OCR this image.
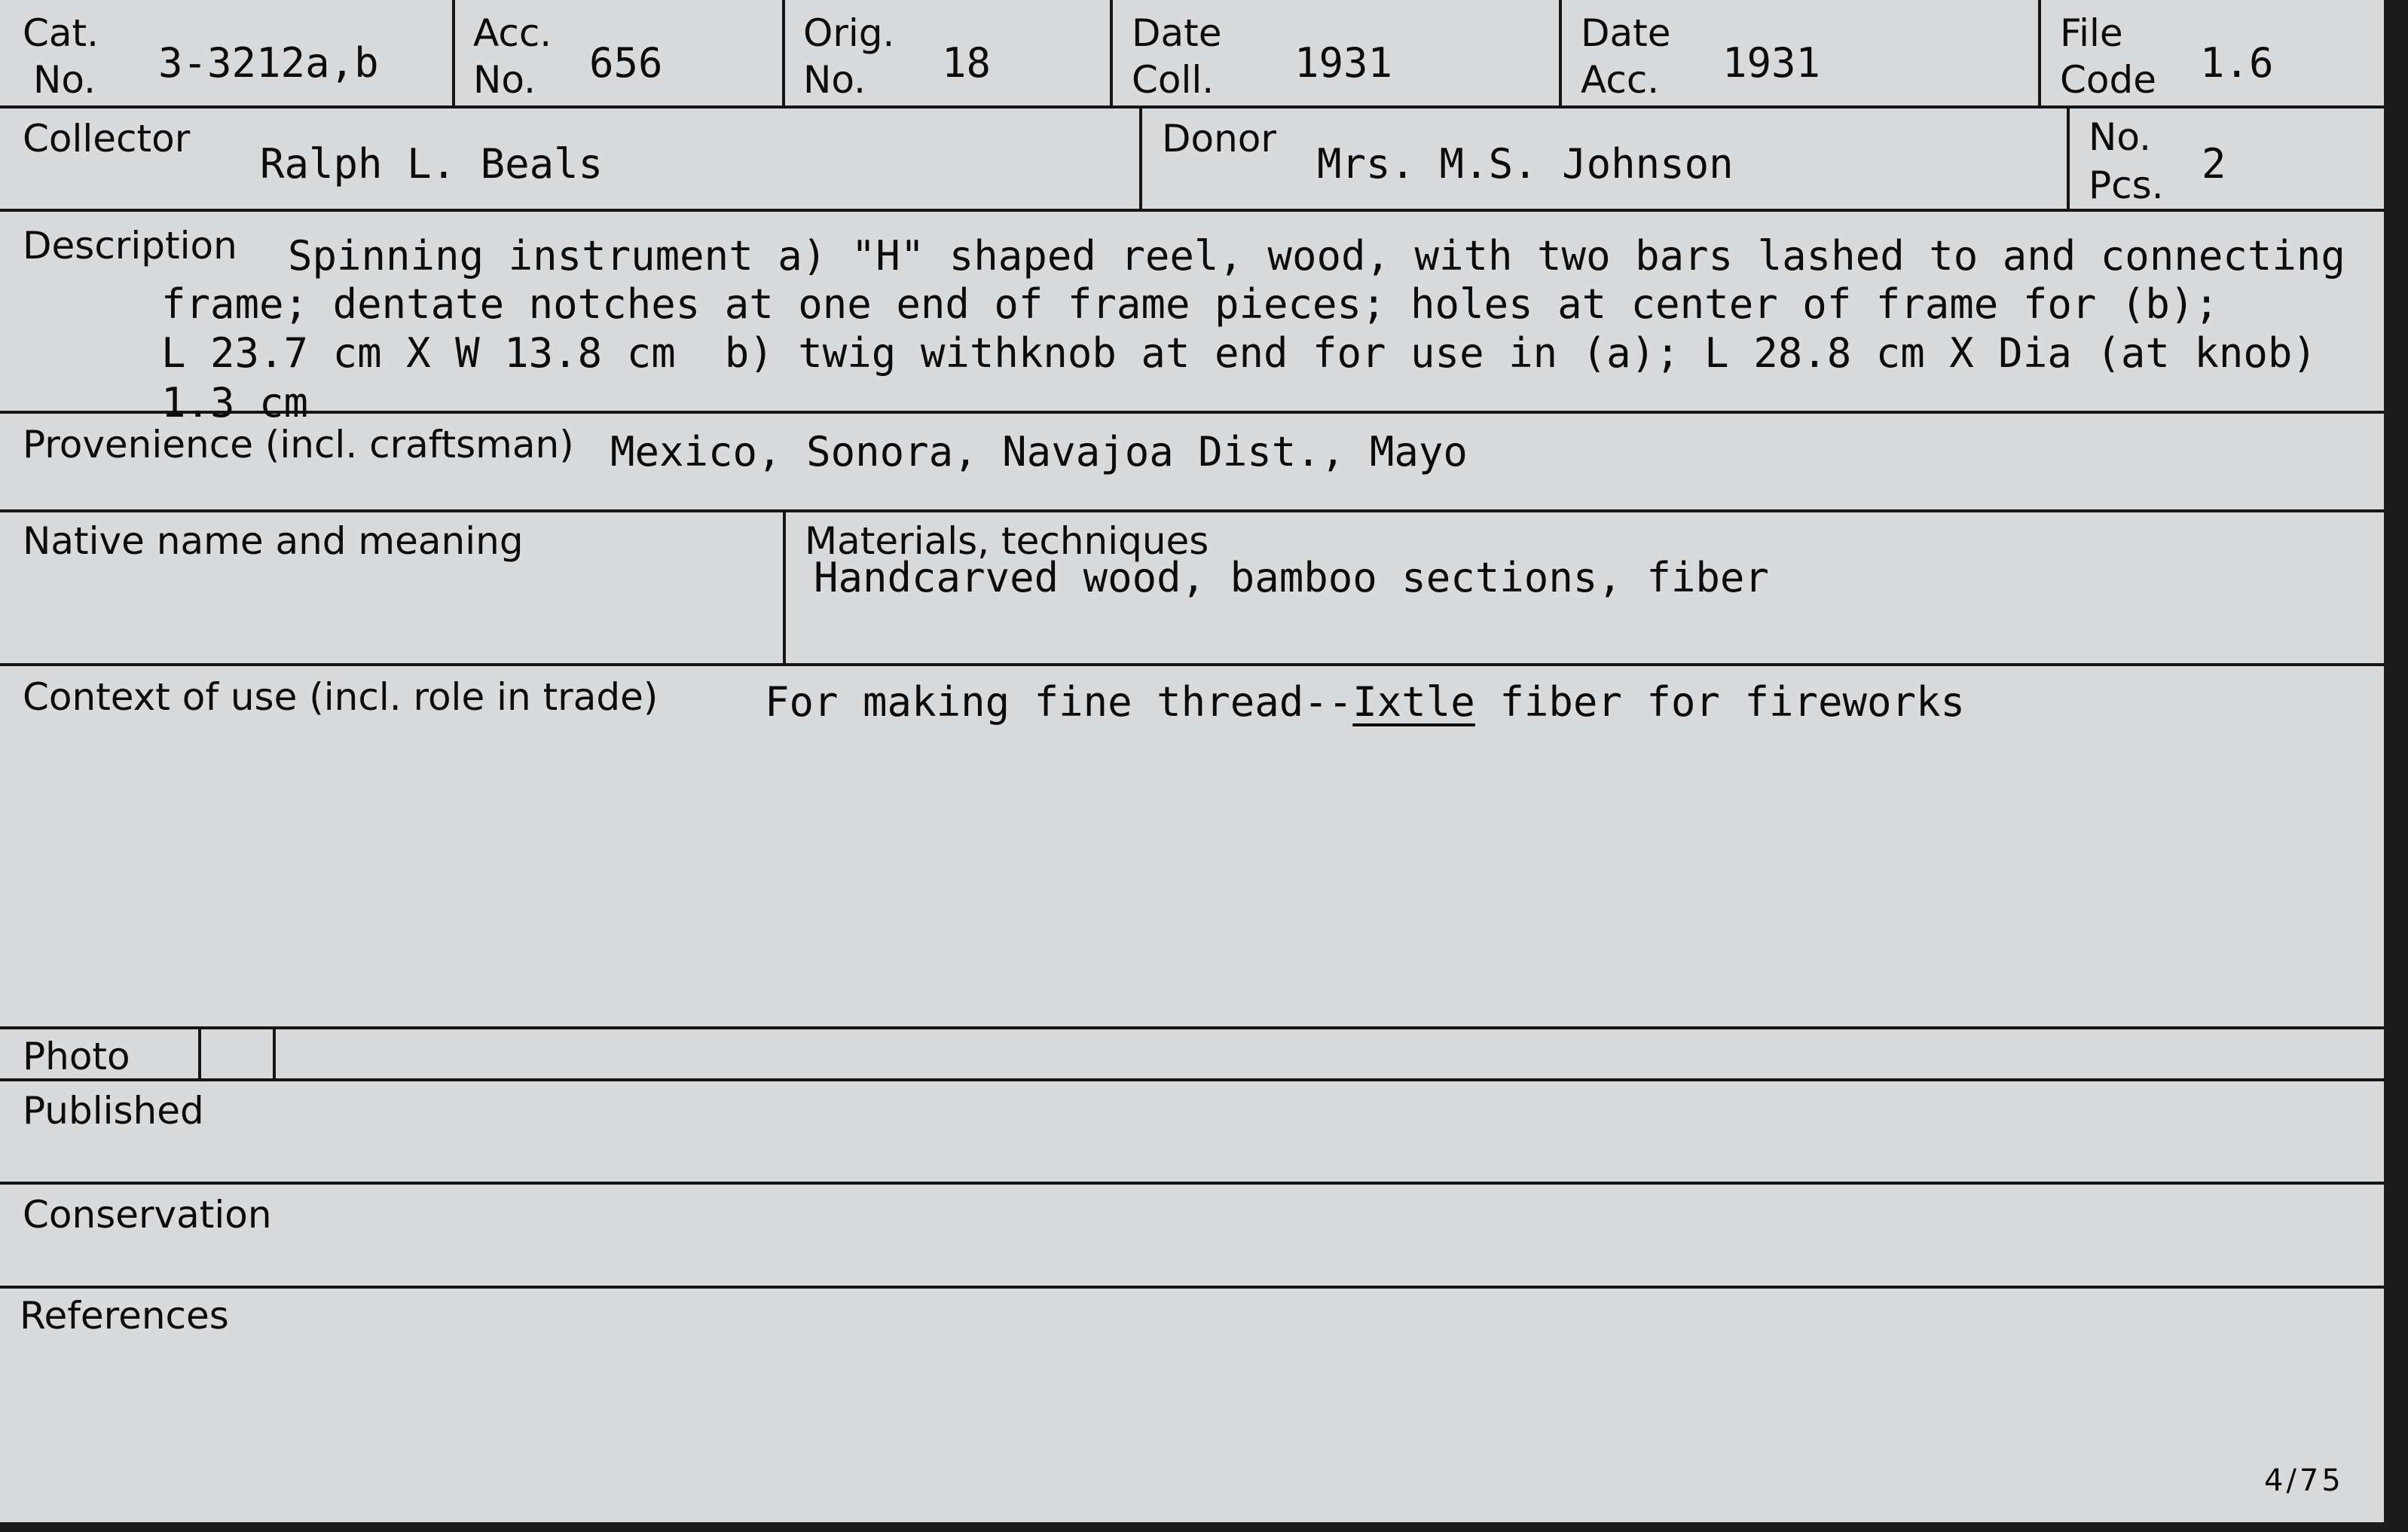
Cat.
No. 3-3212a,b
Acc.
No. 656
Orig.
No. 18
Date
Coll. 1931
Date
Acc. 1931
File
Code 1.6
Collector
Ralph L. Beals
Donor
Mrs. M.S. Johnson
No.
Pcs. 2
Description Spinning instrument a) "H" shaped reel, wood, with two bars lashed to and connecting
frame; dentate notches at one end of frame pieces; holes at center of frame for (b);
L 23.7 cm X W 13.8 cm  b) twig withknob at end for use in (a); L 28.8 cm X Dia (at knob)
1.3 cm
Provenience (incl. craftsman) Mexico, Sonora, Navajoa Dist., Mayo
Native name and meaning	Materials, techniques
Handcarved wood, bamboo sections, fiber
Context of use (incl. role in trade)	For making fine thread--Ixtle fiber for fireworks
Photo
Published
Conservation
References
4/75
